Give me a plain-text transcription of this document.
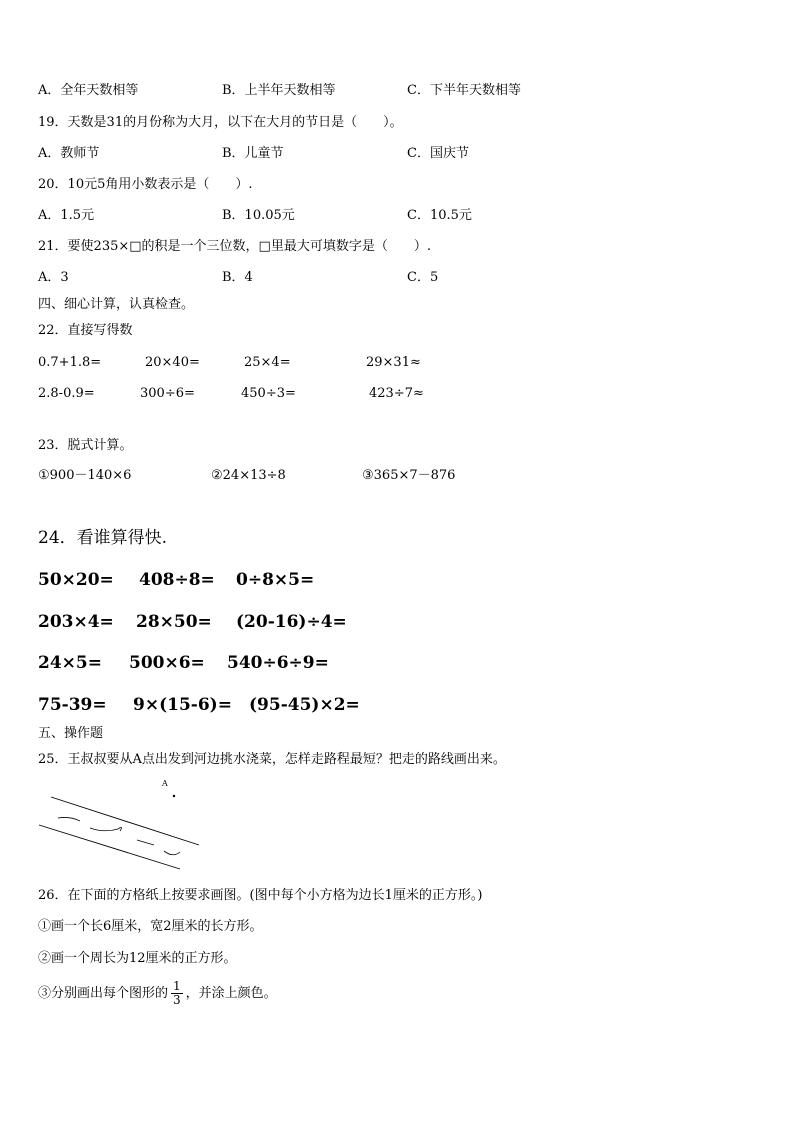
A．全年天数相等	B．上半年天数相等	C．下半年天数相等
19．天数是31的月份称为大月，以下在大月的节日是（　　）。
A．教师节	B．儿童节	C．国庆节
20．10元5角用小数表示是（　　）.
A．1.5元	B．10.05元	C．10.5元
21．要使235×□的积是一个三位数，□里最大可填数字是（　　）.
A．3	B．4	C．5
四、细心计算，认真检查。
22．直接写得数
0.7+1.8=	20×40=	25×4=	29×31≈
2.8-0.9=	300÷6=	450÷3=	423÷7≈
23．脱式计算。
①900－140×6	②24×13÷8	③365×7－876
24．看谁算得快.
50×20= 408÷8= 0÷8×5=
203×4= 28×50= (20-16)÷4=
24×5= 500×6= 540÷6÷9=
75-39= 9×(15-6)= (95-45)×2=
五、操作题
25．王叔叔要从A点出发到河边挑水浇菜，怎样走路程最短？把走的路线画出来。
A
26．在下面的方格纸上按要求画图。(图中每个小方格为边长1厘米的正方形。)
①画一个长6厘米，宽2厘米的长方形。
②画一个周长为12厘米的正方形。
③分别画出每个图形的 $\frac{1}{3}$ ，并涂上颜色。
